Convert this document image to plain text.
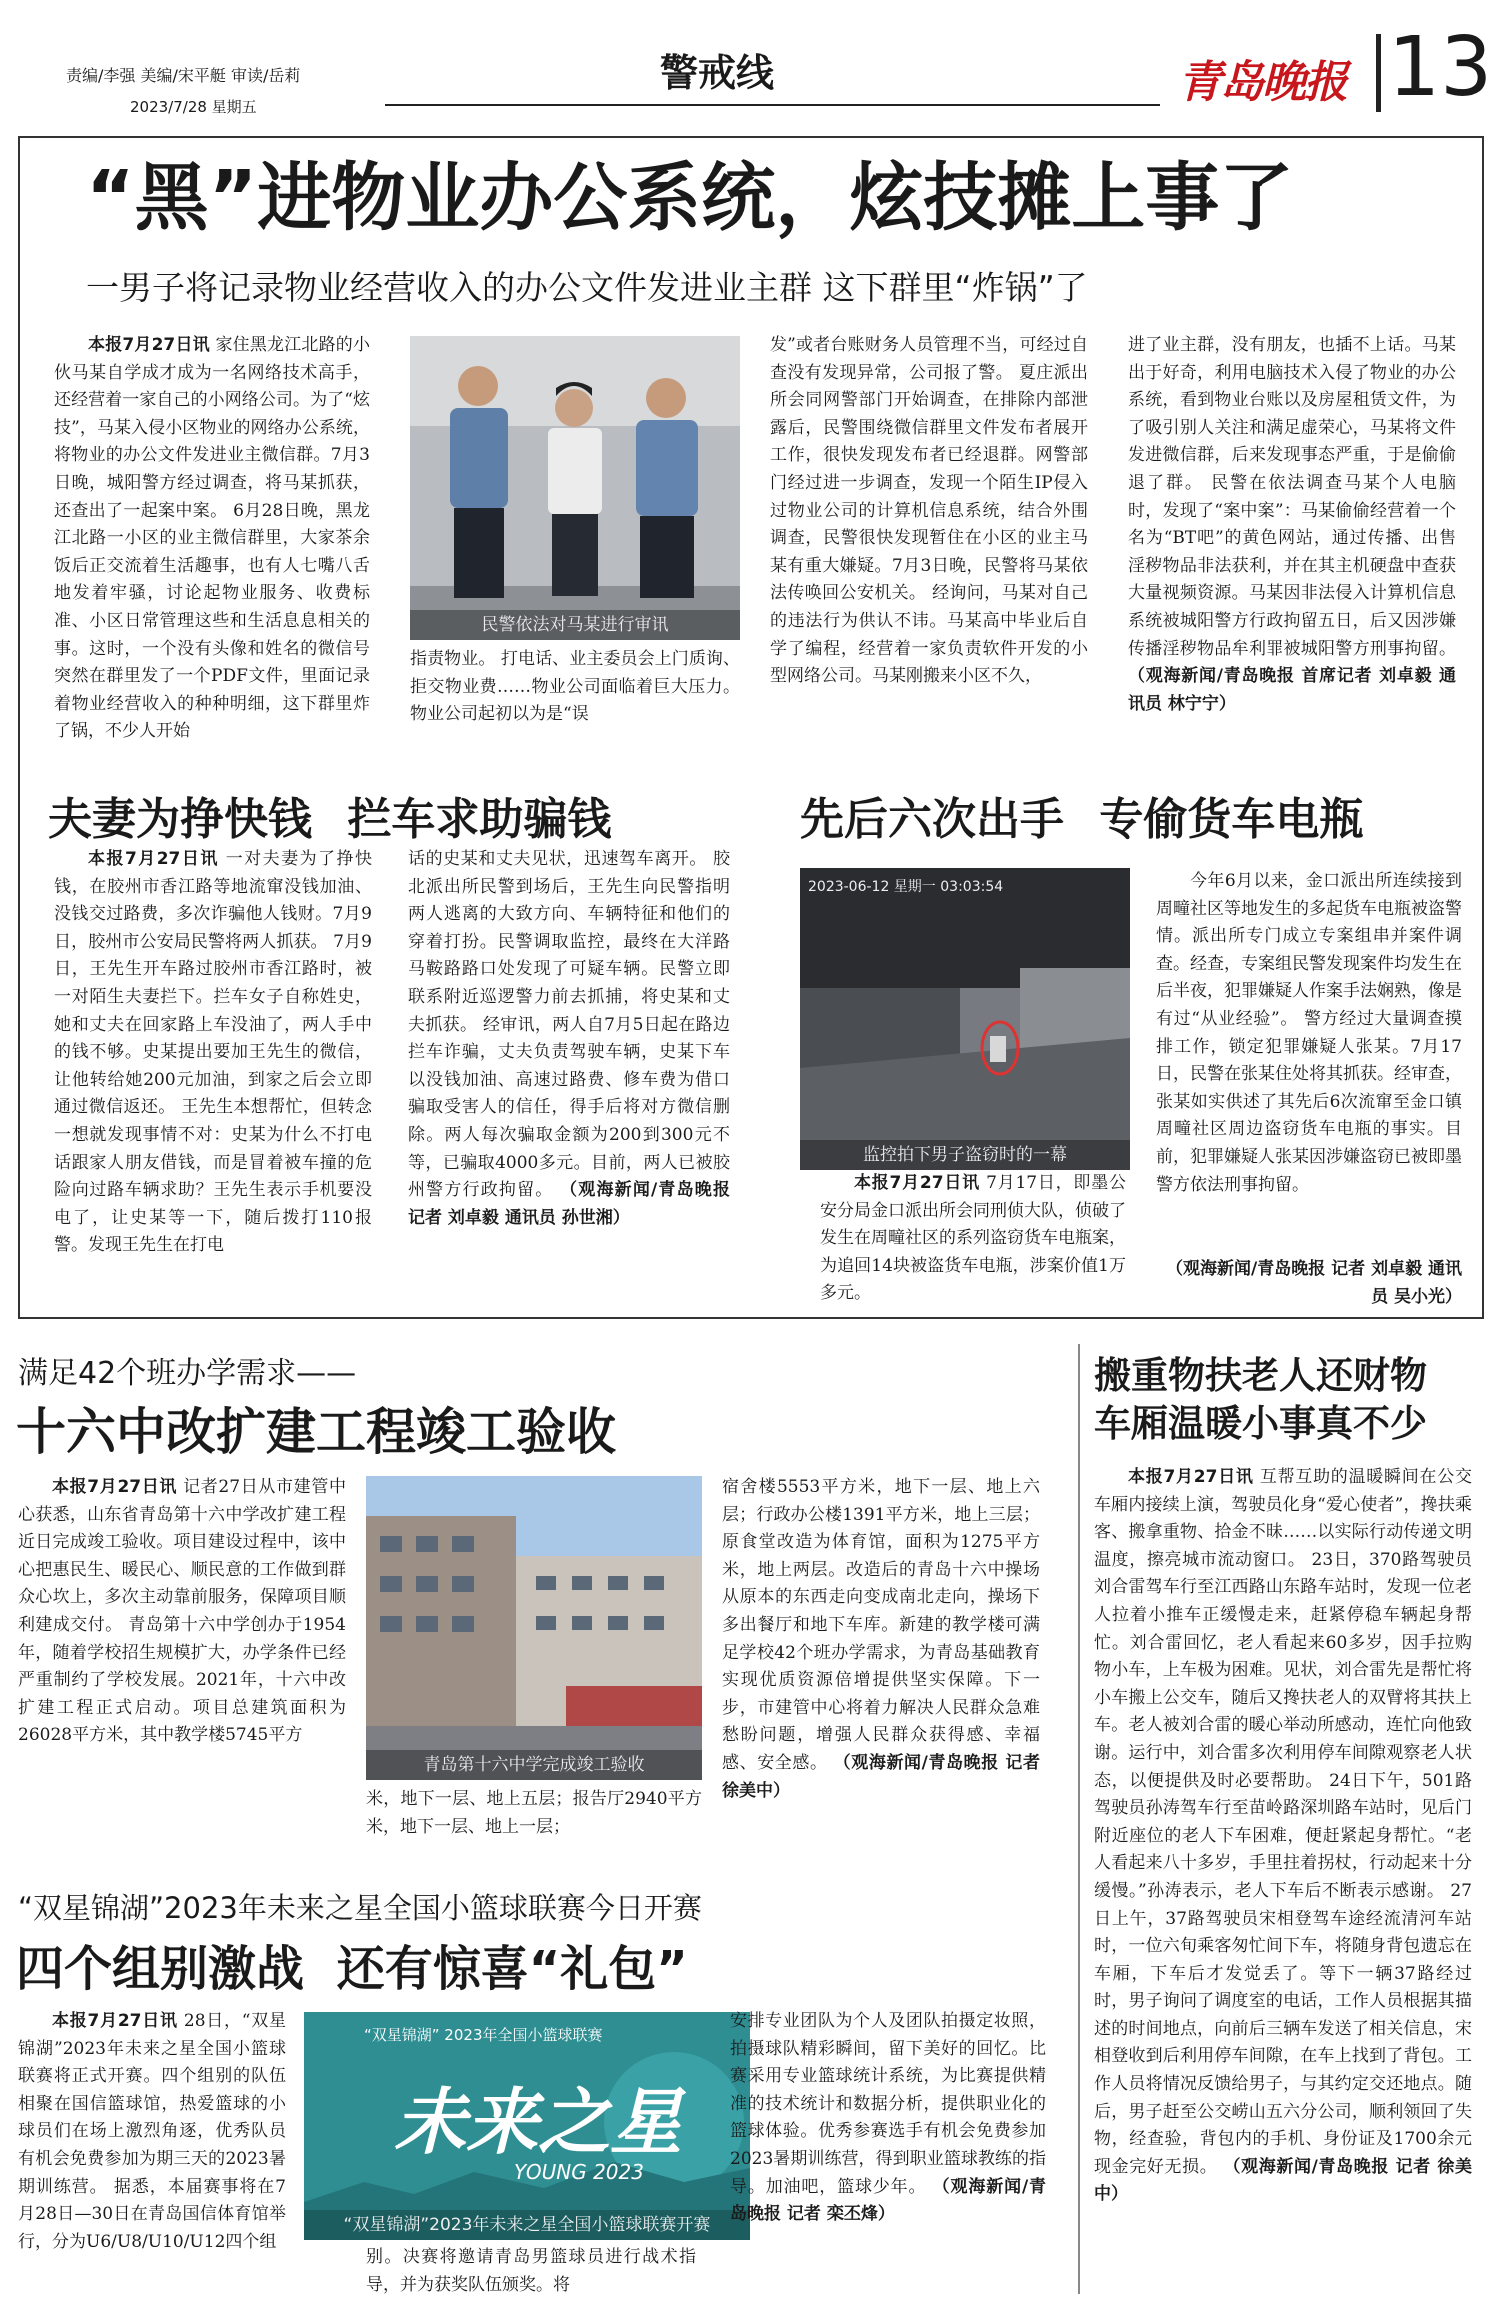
责编/李强 美编/宋平艇 审读/岳莉
2023/7/28 星期五
警戒线	青岛晚报 13
“黑”进物业办公系统，炫技摊上事了
一男子将记录物业经营收入的办公文件发进业主群 这下群里“炸锅”了
本报7月27日讯 家住黑龙江北路的小伙马某自学成才成为一名网络技术高手，还经营着一家自己的小网络公司。为了“炫技”，马某入侵小区物业的网络办公系统，将物业的办公文件发进业主微信群。7月3日晚，城阳警方经过调查，将马某抓获，还查出了一起案中案。 6月28日晚，黑龙江北路一小区的业主微信群里，大家茶余饭后正交流着生活趣事，也有人七嘴八舌地发着牢骚，讨论起物业服务、收费标准、小区日常管理这些和生活息息相关的事。这时，一个没有头像和姓名的微信号突然在群里发了一个PDF文件，里面记录着物业经营收入的种种明细，这下群里炸了锅，不少人开始
民警依法对马某进行审讯
指责物业。 打电话、业主委员会上门质询、拒交物业费……物业公司面临着巨大压力。物业公司起初以为是“误
发”或者台账财务人员管理不当，可经过自查没有发现异常，公司报了警。 夏庄派出所会同网警部门开始调查，在排除内部泄露后，民警围绕微信群里文件发布者展开工作，很快发现发布者已经退群。网警部门经过进一步调查，发现一个陌生IP侵入过物业公司的计算机信息系统，结合外围调查，民警很快发现暂住在小区的业主马某有重大嫌疑。7月3日晚，民警将马某依法传唤回公安机关。 经询问，马某对自己的违法行为供认不讳。马某高中毕业后自学了编程，经营着一家负责软件开发的小型网络公司。马某刚搬来小区不久，
进了业主群，没有朋友，也插不上话。马某出于好奇，利用电脑技术入侵了物业的办公系统，看到物业台账以及房屋租赁文件，为了吸引别人关注和满足虚荣心，马某将文件发进微信群，后来发现事态严重，于是偷偷退了群。 民警在依法调查马某个人电脑时，发现了“案中案”：马某偷偷经营着一个名为“BT吧”的黄色网站，通过传播、出售淫秽物品非法获利，并在其主机硬盘中查获大量视频资源。马某因非法侵入计算机信息系统被城阳警方行政拘留五日，后又因涉嫌传播淫秽物品牟利罪被城阳警方刑事拘留。 （观海新闻/青岛晚报 首席记者 刘卓毅 通讯员 林宁宁）
夫妻为挣快钱 拦车求助骗钱
本报7月27日讯 一对夫妻为了挣快钱，在胶州市香江路等地流窜没钱加油、没钱交过路费，多次诈骗他人钱财。7月9日，胶州市公安局民警将两人抓获。 7月9日，王先生开车路过胶州市香江路时，被一对陌生夫妻拦下。拦车女子自称姓史，她和丈夫在回家路上车没油了，两人手中的钱不够。史某提出要加王先生的微信，让他转给她200元加油，到家之后会立即通过微信返还。 王先生本想帮忙，但转念一想就发现事情不对：史某为什么不打电话跟家人朋友借钱，而是冒着被车撞的危险向过路车辆求助？王先生表示手机要没电了，让史某等一下，随后拨打110报警。发现王先生在打电
话的史某和丈夫见状，迅速驾车离开。 胶北派出所民警到场后，王先生向民警指明两人逃离的大致方向、车辆特征和他们的穿着打扮。民警调取监控，最终在大洋路马鞍路路口处发现了可疑车辆。民警立即联系附近巡逻警力前去抓捕，将史某和丈夫抓获。 经审讯，两人自7月5日起在路边拦车诈骗，丈夫负责驾驶车辆，史某下车以没钱加油、高速过路费、修车费为借口骗取受害人的信任，得手后将对方微信删除。两人每次骗取金额为200到300元不等，已骗取4000多元。目前，两人已被胶州警方行政拘留。 （观海新闻/青岛晚报 记者 刘卓毅 通讯员 孙世湘）
先后六次出手 专偷货车电瓶
2023-06-12 星期一 03:03:54
监控拍下男子盗窃时的一幕
本报7月27日讯 7月17日，即墨公安分局金口派出所会同刑侦大队，侦破了发生在周疃社区的系列盗窃货车电瓶案，为追回14块被盗货车电瓶，涉案价值1万多元。
今年6月以来，金口派出所连续接到周疃社区等地发生的多起货车电瓶被盗警情。派出所专门成立专案组串并案件调查。经查，专案组民警发现案件均发生在后半夜，犯罪嫌疑人作案手法娴熟，像是有过“从业经验”。 警方经过大量调查摸排工作，锁定犯罪嫌疑人张某。7月17日，民警在张某住处将其抓获。经审查，张某如实供述了其先后6次流窜至金口镇周疃社区周边盗窃货车电瓶的事实。目前，犯罪嫌疑人张某因涉嫌盗窃已被即墨警方依法刑事拘留。
（观海新闻/青岛晚报 记者 刘卓毅 通讯员 吴小光）
满足42个班办学需求——
十六中改扩建工程竣工验收
本报7月27日讯 记者27日从市建管中心获悉，山东省青岛第十六中学改扩建工程近日完成竣工验收。项目建设过程中，该中心把惠民生、暖民心、顺民意的工作做到群众心坎上，多次主动靠前服务，保障项目顺利建成交付。 青岛第十六中学创办于1954年，随着学校招生规模扩大，办学条件已经严重制约了学校发展。2021年，十六中改扩建工程正式启动。项目总建筑面积为26028平方米，其中教学楼5745平方
青岛第十六中学完成竣工验收
米，地下一层、地上五层；报告厅2940平方米，地下一层、地上一层；
宿舍楼5553平方米，地下一层、地上六层；行政办公楼1391平方米，地上三层；原食堂改造为体育馆，面积为1275平方米，地上两层。改造后的青岛十六中操场从原本的东西走向变成南北走向，操场下多出餐厅和地下车库。新建的教学楼可满足学校42个班办学需求，为青岛基础教育实现优质资源倍增提供坚实保障。下一步，市建管中心将着力解决人民群众急难愁盼问题，增强人民群众获得感、幸福感、安全感。 （观海新闻/青岛晚报 记者 徐美中）
搬重物扶老人还财物
车厢温暖小事真不少
本报7月27日讯 互帮互助的温暖瞬间在公交车厢内接续上演，驾驶员化身“爱心使者”，搀扶乘客、搬拿重物、拾金不昧……以实际行动传递文明温度，擦亮城市流动窗口。 23日，370路驾驶员刘合雷驾车行至江西路山东路车站时，发现一位老人拉着小推车正缓慢走来，赶紧停稳车辆起身帮忙。刘合雷回忆，老人看起来60多岁，因手拉购物小车，上车极为困难。见状，刘合雷先是帮忙将小车搬上公交车，随后又搀扶老人的双臂将其扶上车。老人被刘合雷的暖心举动所感动，连忙向他致谢。运行中，刘合雷多次利用停车间隙观察老人状态，以便提供及时必要帮助。 24日下午，501路驾驶员孙涛驾车行至苗岭路深圳路车站时，见后门附近座位的老人下车困难，便赶紧起身帮忙。“老人看起来八十多岁，手里拄着拐杖，行动起来十分缓慢。”孙涛表示，老人下车后不断表示感谢。 27日上午，37路驾驶员宋相登驾车途经流清河车站时，一位六旬乘客匆忙间下车，将随身背包遗忘在车厢，下车后才发觉丢了。等下一辆37路经过时，男子询问了调度室的电话，工作人员根据其描述的时间地点，向前后三辆车发送了相关信息，宋相登收到后利用停车间隙，在车上找到了背包。工作人员将情况反馈给男子，与其约定交还地点。随后，男子赶至公交崂山五六分公司，顺利领回了失物，经查验，背包内的手机、身份证及1700余元现金完好无损。 （观海新闻/青岛晚报 记者 徐美中）
“双星锦湖”2023年未来之星全国小篮球联赛今日开赛
四个组别激战 还有惊喜“礼包”
本报7月27日讯 28日，“双星锦湖”2023年未来之星全国小篮球联赛将正式开赛。四个组别的队伍相聚在国信篮球馆，热爱篮球的小球员们在场上激烈角逐，优秀队员有机会免费参加为期三天的2023暑期训练营。 据悉，本届赛事将在7月28日—30日在青岛国信体育馆举行，分为U6/U8/U10/U12四个组
“双星锦湖” 2023年全国小篮球联赛
未来之星
YOUNG 2023
“双星锦湖”2023年未来之星全国小篮球联赛开赛
别。决赛将邀请青岛男篮球员进行战术指导，并为获奖队伍颁奖。将
安排专业团队为个人及团队拍摄定妆照，拍摄球队精彩瞬间，留下美好的回忆。比赛采用专业篮球统计系统，为比赛提供精准的技术统计和数据分析，提供职业化的篮球体验。优秀参赛选手有机会免费参加2023暑期训练营，得到职业篮球教练的指导。加油吧，篮球少年。 （观海新闻/青岛晚报 记者 栾丕烽）
